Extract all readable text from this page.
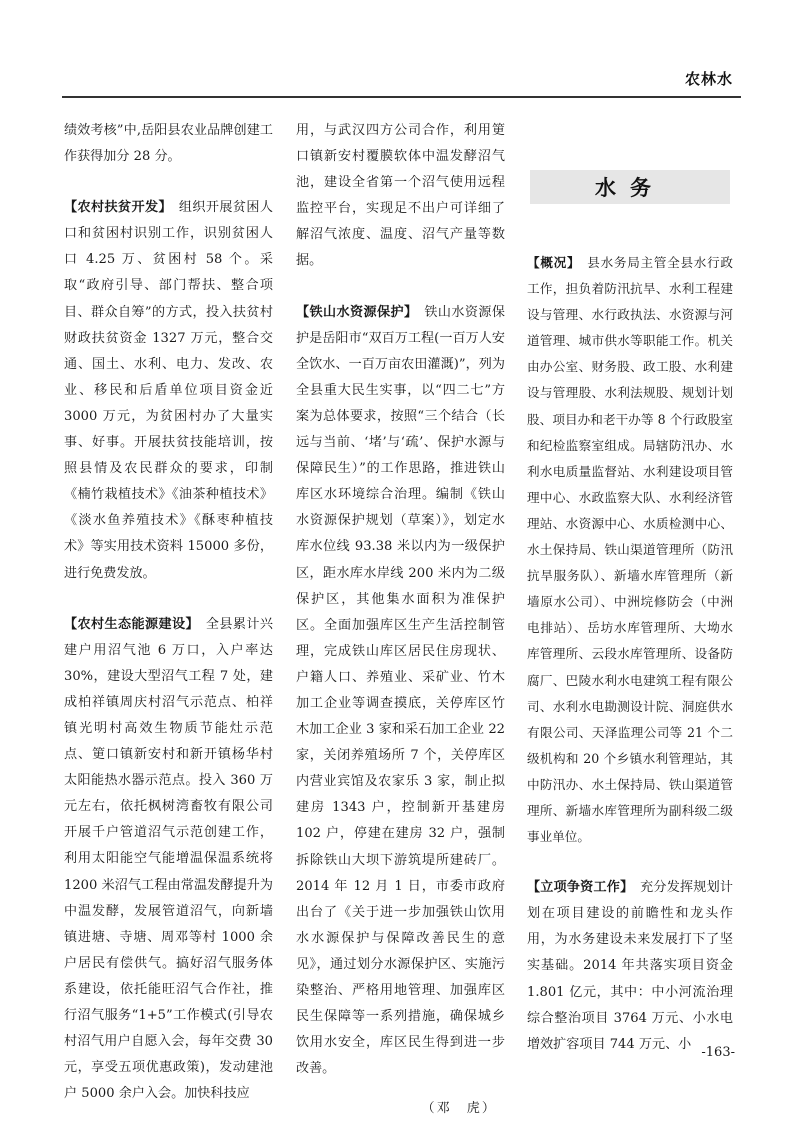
农林水

绩效考核”中,岳阳县农业品牌创建工作获得加分 28 分。

【农村扶贫开发】  组织开展贫困人口和贫困村识别工作，识别贫困人口 4.25 万、贫困村 58 个。采取“政府引导、部门帮扶、整合项目、群众自筹”的方式，投入扶贫村财政扶贫资金 1327 万元，整合交通、国土、水利、电力、发改、农业、移民和后盾单位项目资金近 3000 万元，为贫困村办了大量实事、好事。开展扶贫技能培训，按照县情及农民群众的要求，印制《楠竹栽植技术》《油茶种植技术》《淡水鱼养殖技术》《酥枣种植技术》等实用技术资料 15000 多份，进行免费发放。

【农村生态能源建设】  全县累计兴建户用沼气池 6 万口，入户率达 30%，建设大型沼气工程 7 处，建成柏祥镇周庆村沼气示范点、柏祥镇光明村高效生物质节能灶示范点、筻口镇新安村和新开镇杨华村太阳能热水器示范点。投入 360 万元左右，依托枫树湾畜牧有限公司开展千户管道沼气示范创建工作，利用太阳能空气能增温保温系统将 1200 米沼气工程由常温发酵提升为中温发酵，发展管道沼气，向新墙镇进塘、寺塘、周邓等村 1000 余户居民有偿供气。搞好沼气服务体系建设，依托能旺沼气合作社，推行沼气服务“1+5”工作模式(引导农村沼气用户自愿入会，每年交费 30 元，享受五项优惠政策)，发动建池户 5000 余户入会。加快科技应

用，与武汉四方公司合作，利用筻口镇新安村覆膜软体中温发酵沼气池，建设全省第一个沼气使用远程监控平台，实现足不出户可详细了解沼气浓度、温度、沼气产量等数据。

【铁山水资源保护】  铁山水资源保护是岳阳市“双百万工程(一百万人安全饮水、一百万亩农田灌溉)”，列为全县重大民生实事，以“四二七”方案为总体要求，按照“三个结合（长远与当前、‘堵’与‘疏’、保护水源与保障民生）”的工作思路，推进铁山库区水环境综合治理。编制《铁山水资源保护规划（草案）》，划定水库水位线 93.38 米以内为一级保护区，距水库水岸线 200 米内为二级保护区，其他集水面积为准保护区。全面加强库区生产生活控制管理，完成铁山库区居民住房现状、户籍人口、养殖业、采矿业、竹木加工企业等调查摸底，关停库区竹木加工企业 3 家和采石加工企业 22 家，关闭养殖场所 7 个，关停库区内营业宾馆及农家乐 3 家，制止拟建房 1343 户，控制新开基建房 102 户，停建在建房 32 户，强制拆除铁山大坝下游筑堤所建砖厂。2014 年 12 月 1 日，市委市政府出台了《关于进一步加强铁山饮用水水源保护与保障改善民生的意见》，通过划分水源保护区、实施污染整治、严格用地管理、加强库区民生保障等一系列措施，确保城乡饮用水安全，库区民生得到进一步改善。

（邓　虎）

水务

【概况】  县水务局主管全县水行政工作，担负着防汛抗旱、水利工程建设与管理、水行政执法、水资源与河道管理、城市供水等职能工作。机关由办公室、财务股、政工股、水利建设与管理股、水利法规股、规划计划股、项目办和老干办等 8 个行政股室和纪检监察室组成。局辖防汛办、水利水电质量监督站、水利建设项目管理中心、水政监察大队、水利经济管理站、水资源中心、水质检测中心、水土保持局、铁山渠道管理所（防汛抗旱服务队）、新墙水库管理所（新墙原水公司）、中洲垸修防会（中洲电排站）、岳坊水库管理所、大坳水库管理所、云段水库管理所、设备防腐厂、巴陵水利水电建筑工程有限公司、水利水电勘测设计院、洞庭供水有限公司、天泽监理公司等 21 个二级机构和 20 个乡镇水利管理站，其中防汛办、水土保持局、铁山渠道管理所、新墙水库管理所为副科级二级事业单位。

【立项争资工作】  充分发挥规划计划在项目建设的前瞻性和龙头作用，为水务建设未来发展打下了坚实基础。2014 年共落实项目资金 1.801 亿元，其中：中小河流治理综合整治项目 3764 万元、小水电增效扩容项目 744 万元、小

-163-
